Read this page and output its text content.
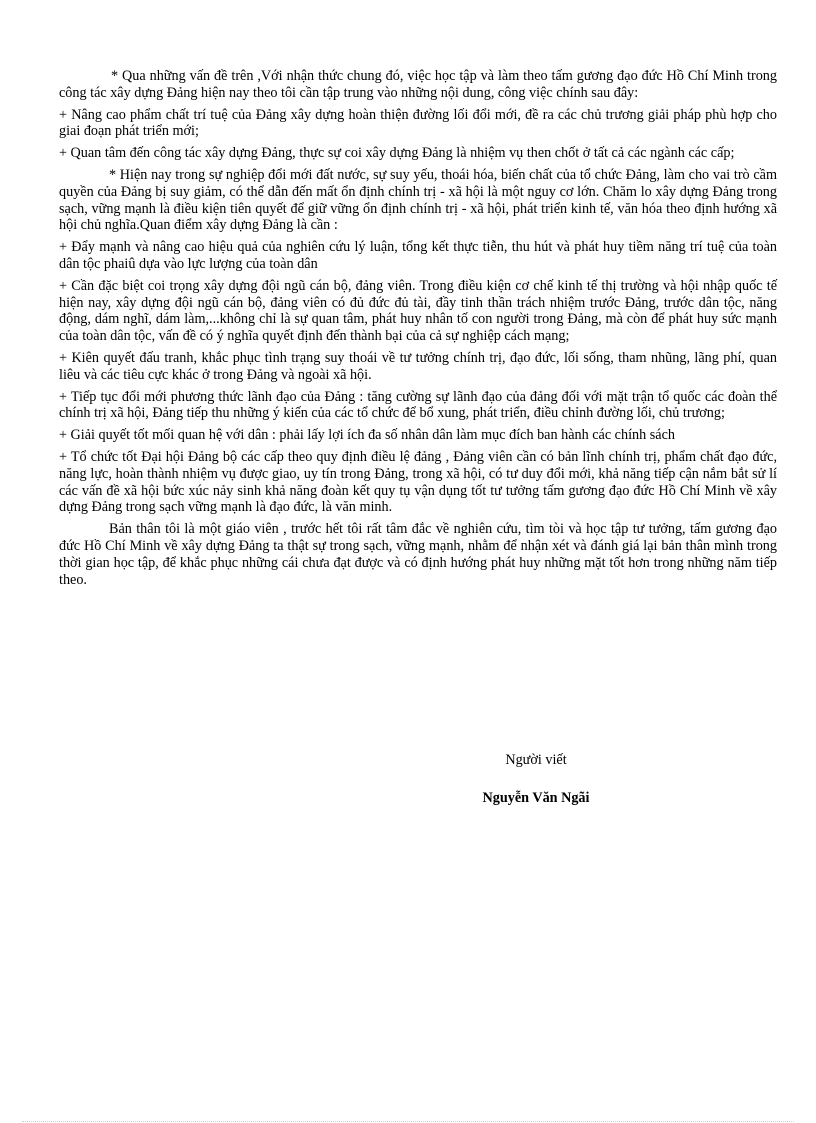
* Qua những vấn đề trên ,Với nhận thức chung đó, việc học tập và làm theo tấm gương đạo đức Hồ Chí Minh trong công tác xây dựng Đảng hiện nay theo tôi cần tập trung vào những nội dung, công việc chính sau đây:

+ Nâng cao phẩm chất trí tuệ của Đảng xây dựng hoàn thiện đường lối đổi mới, đề ra các chủ trương giải pháp phù hợp cho giai đoạn phát triển mới;

+ Quan tâm đến công tác xây dựng Đảng, thực sự coi xây dựng Đảng là nhiệm vụ then chốt ở tất cả các ngành các cấp;

* Hiện nay trong sự nghiệp đổi mới đất nước, sự suy yếu, thoái hóa, biến chất của tổ chức Đảng, làm cho vai trò cầm quyền của Đảng bị suy giảm, có thể dẫn đến mất ổn định chính trị - xã hội là một nguy cơ lớn. Chăm lo xây dựng Đảng trong sạch, vững mạnh là điều kiện tiên quyết để giữ vững ổn định chính trị - xã hội, phát triển kinh tế, văn hóa theo định hướng xã hội chủ nghĩa.Quan điểm xây dựng Đảng là cần :

+ Đẩy mạnh và nâng cao hiệu quả của nghiên cứu lý luận, tổng kết thực tiễn, thu hút và phát huy tiềm năng trí tuệ của toàn dân tộc phaiû dựa vào lực lượng của toàn dân

+ Cần đặc biệt coi trọng xây dựng đội ngũ cán bộ, đảng viên. Trong điều kiện cơ chế kinh tế thị trường và hội nhập quốc tế hiện nay, xây dựng đội ngũ cán bộ, đảng viên có đủ đức đủ tài, đầy tinh thần trách nhiệm trước Đảng, trước dân tộc, năng động, dám nghĩ, dám làm,...không chỉ là sự quan tâm, phát huy nhân tố con người trong Đảng, mà còn để phát huy sức mạnh của toàn dân tộc, vấn đề có ý nghĩa quyết định đến thành bại của cả sự nghiệp cách mạng;

+ Kiên quyết đấu tranh, khắc phục tình trạng suy thoái về tư tưởng chính trị, đạo đức, lối sống, tham nhũng, lãng phí, quan liêu và các tiêu cực khác ở trong Đảng và ngoài xã hội.

+ Tiếp tục đổi mới phương thức lãnh đạo của Đảng : tăng cường sự lãnh đạo của đảng đối với mặt trận tổ quốc các đoàn thể chính trị xã hội, Đảng tiếp thu những ý kiến của các tổ chức để bổ xung, phát triển, điều chỉnh đường lối, chủ trương;

+ Giải quyết tốt mối quan hệ với dân : phải lấy lợi ích đa số nhân dân làm mục đích ban hành các chính sách

+ Tổ chức tốt Đại hội Đảng bộ các cấp theo quy định điều lệ đảng , Đảng viên cần có bản lĩnh chính trị, phẩm chất đạo đức, năng lực, hoàn thành nhiệm vụ được giao, uy tín trong Đảng, trong xã hội, có tư duy đổi mới, khả năng tiếp cận nắm bắt sử lí các vấn đề xã hội bức xúc nảy sinh khả năng đoàn kết quy tụ vận dụng tốt tư tưởng tấm gương đạo đức Hồ Chí Minh về xây dựng Đảng trong sạch vững mạnh là đạo đức, là văn minh.

Bản thân tôi là một giáo viên , trước hết tôi rất tâm đắc về nghiên cứu, tìm tòi và học tập tư tưởng, tấm gương đạo đức Hồ Chí Minh về xây dựng Đảng ta thật sự trong sạch, vững mạnh, nhằm để nhận xét và đánh giá lại bản thân mình trong thời gian học tập, để khắc phục những cái chưa đạt được và có định hướng phát huy những mặt tốt hơn trong những năm tiếp theo.

Người viết
Nguyễn Văn Ngãi
